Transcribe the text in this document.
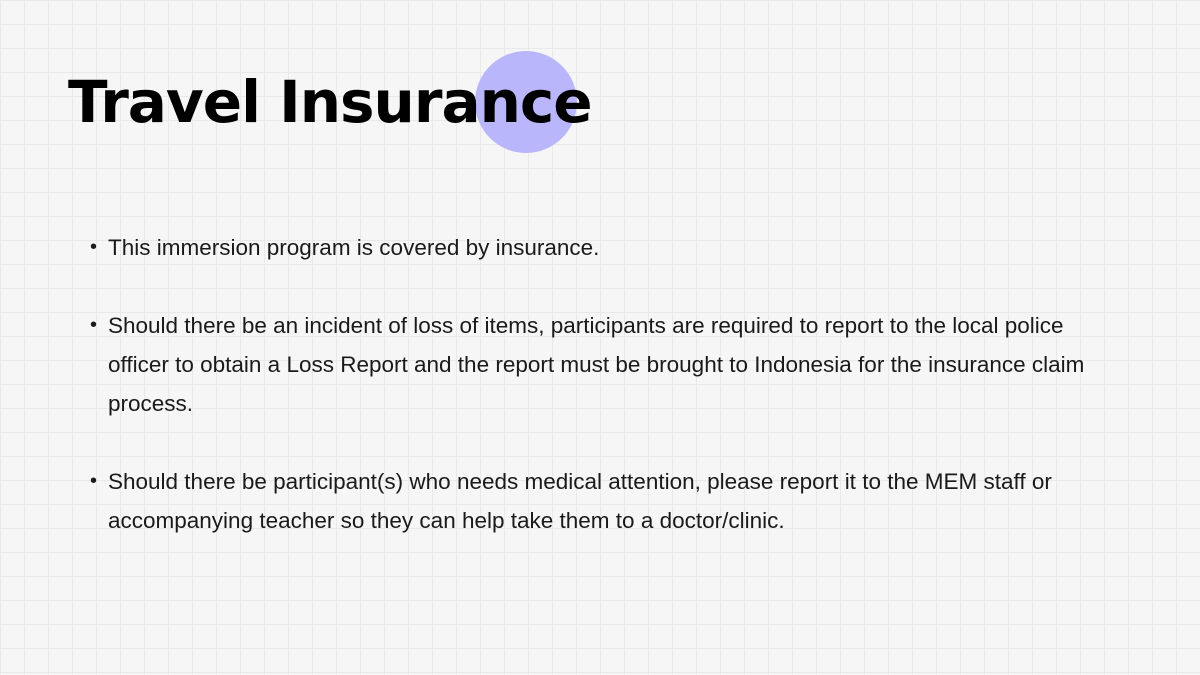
Travel Insurance
• This immersion program is covered by insurance.
• Should there be an incident of loss of items, participants are required to report to the local police officer to obtain a Loss Report and the report must be brought to Indonesia for the insurance claim process.
• Should there be participant(s) who needs medical attention, please report it to the MEM staff or accompanying teacher so they can help take them to a doctor/clinic.
